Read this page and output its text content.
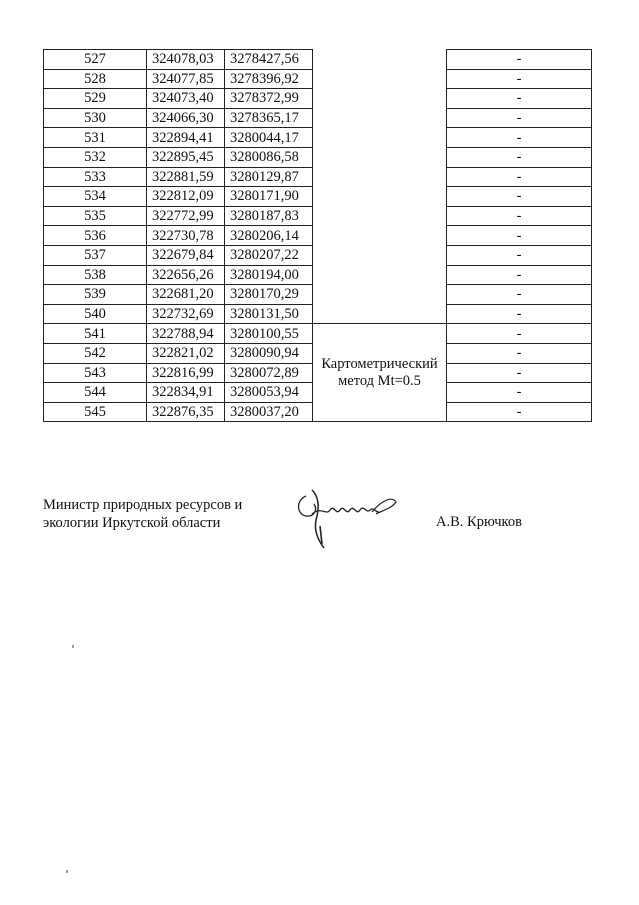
527	324078,03	3278427,56		-
528	324077,85	3278396,92		-
529	324073,40	3278372,99		-
530	324066,30	3278365,17		-
531	322894,41	3280044,17		-
532	322895,45	3280086,58		-
533	322881,59	3280129,87		-
534	322812,09	3280171,90		-
535	322772,99	3280187,83		-
536	322730,78	3280206,14		-
537	322679,84	3280207,22		-
538	322656,26	3280194,00		-
539	322681,20	3280170,29		-
540	322732,69	3280131,50		-
541	322788,94	3280100,55	Картометрический метод Mt=0.5	-
542	322821,02	3280090,94		-
543	322816,99	3280072,89		-
544	322834,91	3280053,94		-
545	322876,35	3280037,20		-
Министр природных ресурсов и
экологии Иркутской области	А.В. Крючков
